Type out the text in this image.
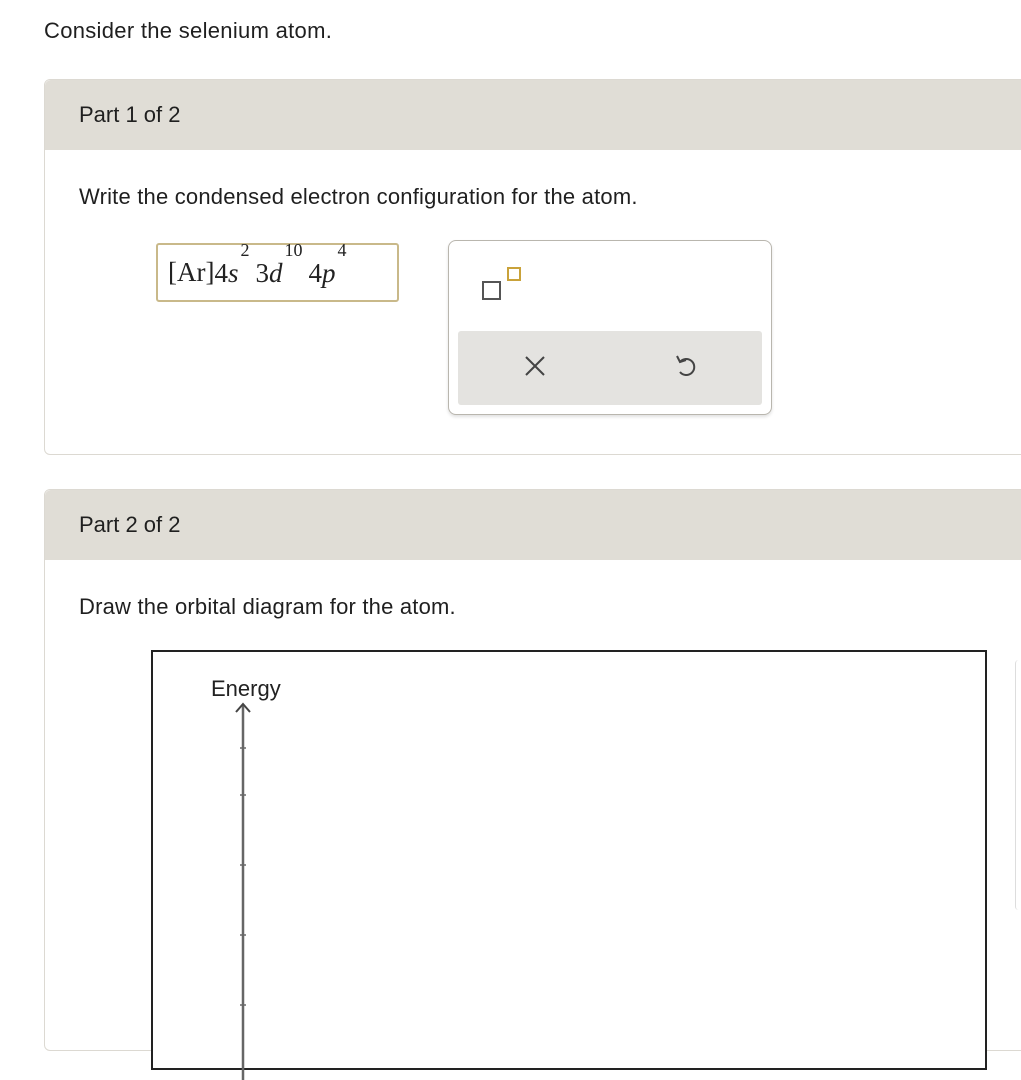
Consider the selenium atom.
Part 1 of 2
Write the condensed electron configuration for the atom.
[Ar] $4s^2$
$3d^{10}$
$4p^4$
Part 2 of 2
Draw the orbital diagram for the atom.
Energy
